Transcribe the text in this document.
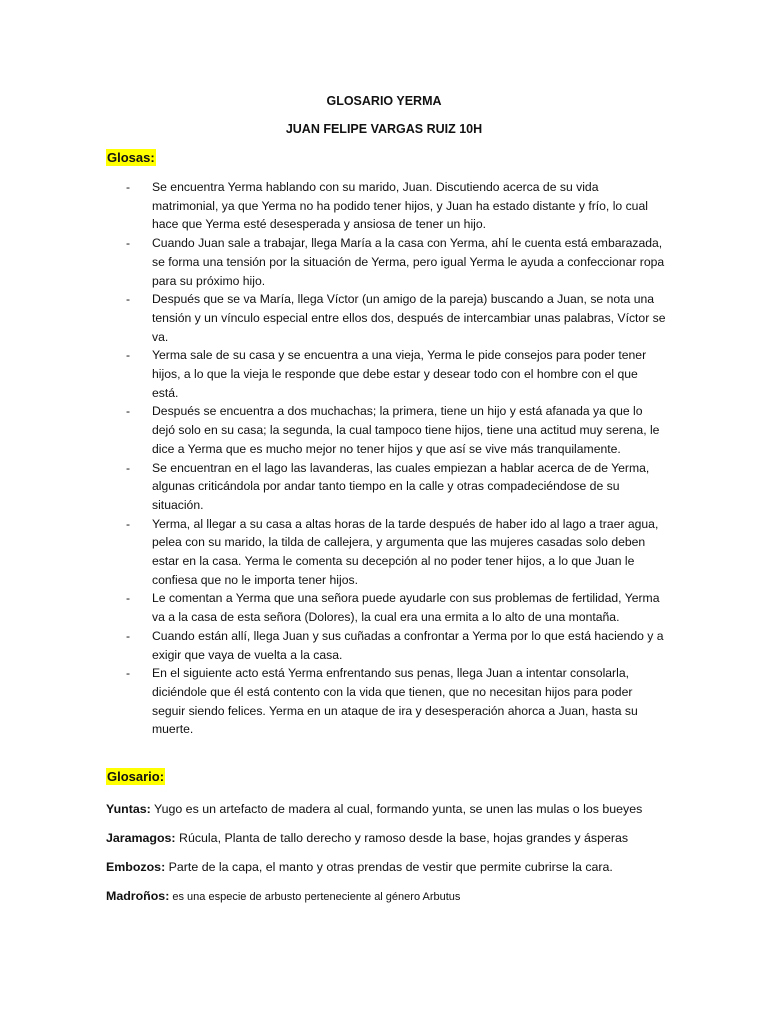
GLOSARIO YERMA
JUAN FELIPE VARGAS RUIZ 10H
Glosas:
- Se encuentra Yerma hablando con su marido, Juan. Discutiendo acerca de su vida matrimonial, ya que Yerma no ha podido tener hijos, y Juan ha estado distante y frío, lo cual hace que Yerma esté desesperada y ansiosa de tener un hijo.
- Cuando Juan sale a trabajar, llega María a la casa con Yerma, ahí le cuenta está embarazada, se forma una tensión por la situación de Yerma, pero igual Yerma le ayuda a confeccionar ropa para su próximo hijo.
- Después que se va María, llega Víctor (un amigo de la pareja) buscando a Juan, se nota una tensión y un vínculo especial entre ellos dos, después de intercambiar unas palabras, Víctor se va.
- Yerma sale de su casa y se encuentra a una vieja, Yerma le pide consejos para poder tener hijos, a lo que la vieja le responde que debe estar y desear todo con el hombre con el que está.
- Después se encuentra a dos muchachas; la primera, tiene un hijo y está afanada ya que lo dejó solo en su casa; la segunda, la cual tampoco tiene hijos, tiene una actitud muy serena, le dice a Yerma que es mucho mejor no tener hijos y que así se vive más tranquilamente.
- Se encuentran en el lago las lavanderas, las cuales empiezan a hablar acerca de de Yerma, algunas criticándola por andar tanto tiempo en la calle y otras compadeciéndose de su situación.
- Yerma, al llegar a su casa a altas horas de la tarde después de haber ido al lago a traer agua, pelea con su marido, la tilda de callejera, y argumenta que las mujeres casadas solo deben estar en la casa. Yerma le comenta su decepción al no poder tener hijos, a lo que Juan le confiesa que no le importa tener hijos.
- Le comentan a Yerma que una señora puede ayudarle con sus problemas de fertilidad, Yerma va a la casa de esta señora (Dolores), la cual era una ermita a lo alto de una montaña.
- Cuando están allí, llega Juan y sus cuñadas a confrontar a Yerma por lo que está haciendo y a exigir que vaya de vuelta a la casa.
- En el siguiente acto está Yerma enfrentando sus penas, llega Juan a intentar consolarla, diciéndole que él está contento con la vida que tienen, que no necesitan hijos para poder seguir siendo felices. Yerma en un ataque de ira y desesperación ahorca a Juan, hasta su muerte.
Glosario:
Yuntas: Yugo es un artefacto de madera al cual, formando yunta, se unen las mulas o los bueyes
Jaramagos: Rúcula, Planta de tallo derecho y ramoso desde la base, hojas grandes y ásperas
Embozos: Parte de la capa, el manto y otras prendas de vestir que permite cubrirse la cara.
Madroños: es una especie de arbusto perteneciente al género Arbutus
